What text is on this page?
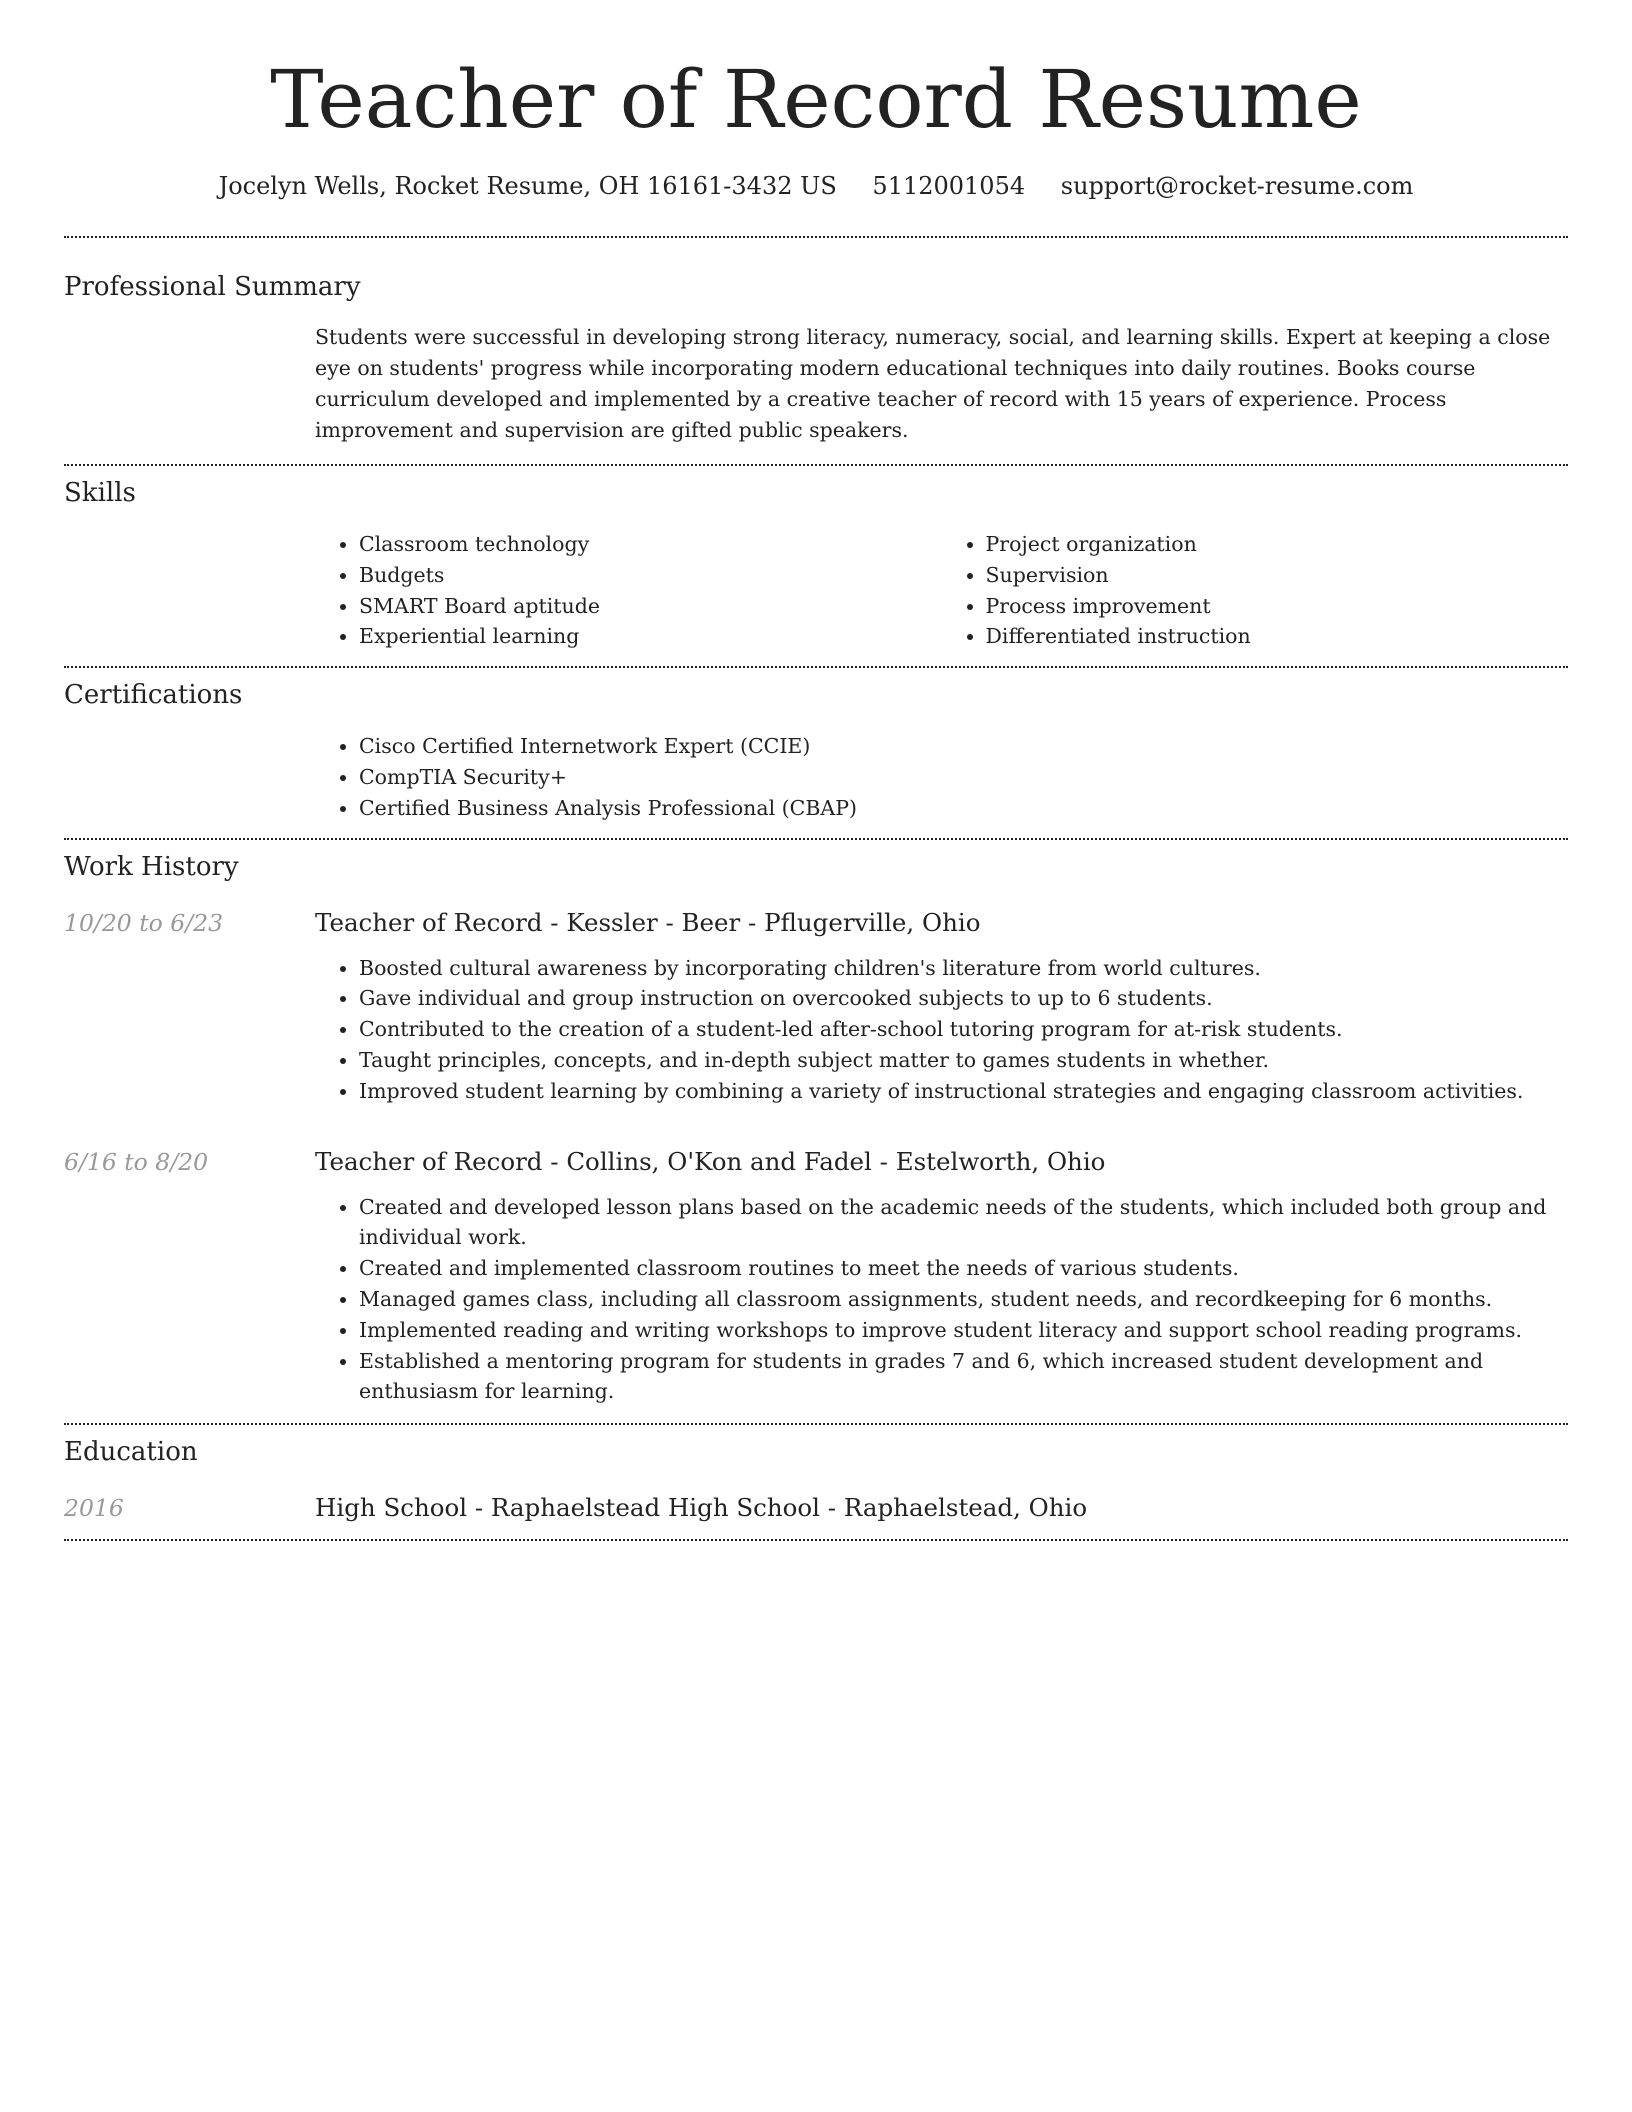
Teacher of Record Resume
Jocelyn Wells, Rocket Resume, OH 16161-3432 US 5112001054 support@rocket-resume.com
Professional Summary

Students were successful in developing strong literacy, numeracy, social, and learning skills. Expert at keeping a close eye on students' progress while incorporating modern educational techniques into daily routines. Books course curriculum developed and implemented by a creative teacher of record with 15 years of experience. Process improvement and supervision are gifted public speakers.

Skills
• Classroom technology
• Budgets
• SMART Board aptitude
• Experiential learning
• Project organization
• Supervision
• Process improvement
• Differentiated instruction
Certifications
• Cisco Certified Internetwork Expert (CCIE)
• CompTIA Security+
• Certified Business Analysis Professional (CBAP)
Work History
10/20 to 6/23	Teacher of Record - Kessler - Beer - Pflugerville, Ohio
• Boosted cultural awareness by incorporating children's literature from world cultures.
• Gave individual and group instruction on overcooked subjects to up to 6 students.
• Contributed to the creation of a student-led after-school tutoring program for at-risk students.
• Taught principles, concepts, and in-depth subject matter to games students in whether.
• Improved student learning by combining a variety of instructional strategies and engaging classroom activities.
6/16 to 8/20	Teacher of Record - Collins, O'Kon and Fadel - Estelworth, Ohio
• Created and developed lesson plans based on the academic needs of the students, which included both group and individual work.
• Created and implemented classroom routines to meet the needs of various students.
• Managed games class, including all classroom assignments, student needs, and recordkeeping for 6 months.
• Implemented reading and writing workshops to improve student literacy and support school reading programs.
• Established a mentoring program for students in grades 7 and 6, which increased student development and enthusiasm for learning.
Education
2016	High School - Raphaelstead High School - Raphaelstead, Ohio
